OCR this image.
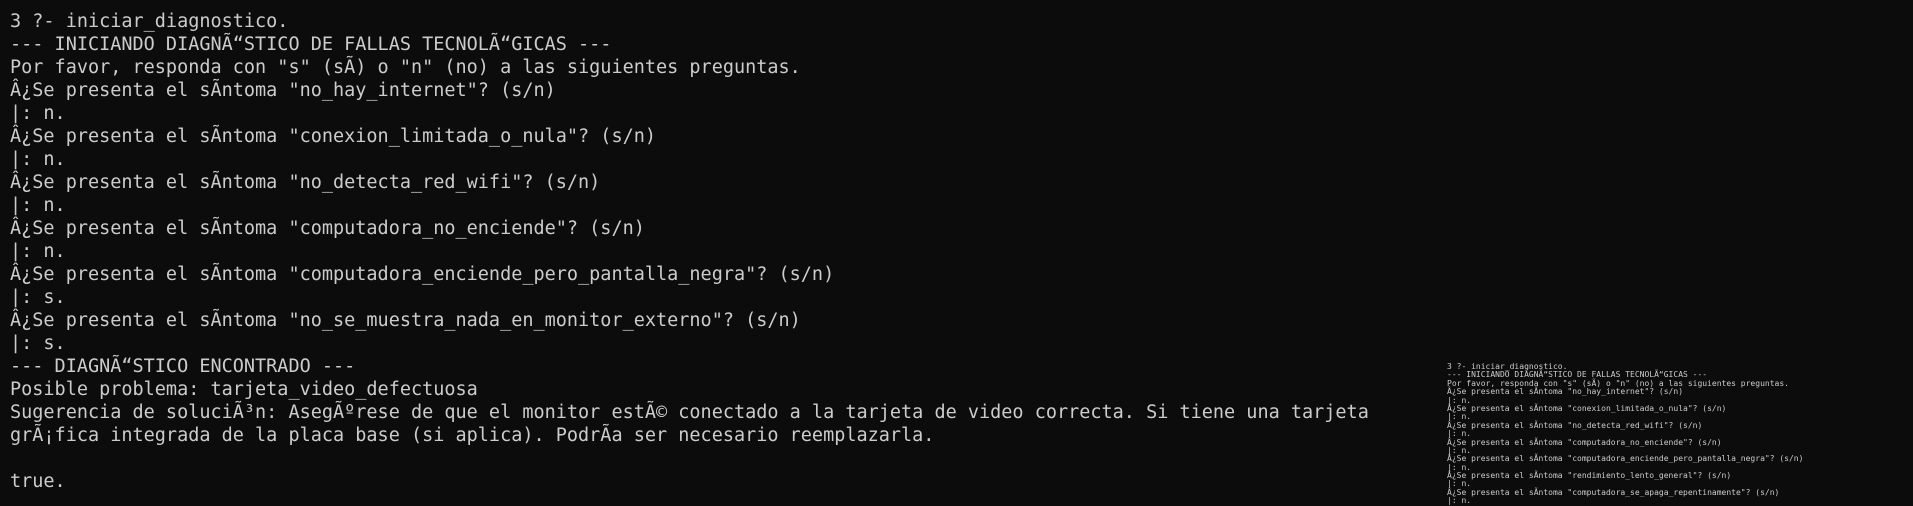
3 ?- iniciar_diagnostico.
--- INICIANDO DIAGNÃ“STICO DE FALLAS TECNOLÃ“GICAS ---
Por favor, responda con "s" (sÃ) o "n" (no) a las siguientes preguntas.
Â¿Se presenta el sÃntoma "no_hay_internet"? (s/n)
|: n.
Â¿Se presenta el sÃntoma "conexion_limitada_o_nula"? (s/n)
|: n.
Â¿Se presenta el sÃntoma "no_detecta_red_wifi"? (s/n)
|: n.
Â¿Se presenta el sÃntoma "computadora_no_enciende"? (s/n)
|: n.
Â¿Se presenta el sÃntoma "computadora_enciende_pero_pantalla_negra"? (s/n)
|: s.
Â¿Se presenta el sÃntoma "no_se_muestra_nada_en_monitor_externo"? (s/n)
|: s.
--- DIAGNÃ“STICO ENCONTRADO ---
Posible problema: tarjeta_video_defectuosa
Sugerencia de soluciÃ³n: AsegÃºrese de que el monitor estÃ© conectado a la tarjeta de video correcta. Si tiene una tarjeta
grÃ¡fica integrada de la placa base (si aplica). PodrÃa ser necesario reemplazarla.
true.
3 ?- iniciar_diagnostico.
--- INICIANDO DIAGNÃ“STICO DE FALLAS TECNOLÃ“GICAS ---
Por favor, responda con "s" (sÃ) o "n" (no) a las siguientes preguntas.
Â¿Se presenta el sÃntoma "no_hay_internet"? (s/n)
|: n.
Â¿Se presenta el sÃntoma "conexion_limitada_o_nula"? (s/n)
|: n.
Â¿Se presenta el sÃntoma "no_detecta_red_wifi"? (s/n)
|: n.
Â¿Se presenta el sÃntoma "computadora_no_enciende"? (s/n)
|: n.
Â¿Se presenta el sÃntoma "computadora_enciende_pero_pantalla_negra"? (s/n)
|: n.
Â¿Se presenta el sÃntoma "rendimiento_lento_general"? (s/n)
|: n.
Â¿Se presenta el sÃntoma "computadora_se_apaga_repentinamente"? (s/n)
|: n.
